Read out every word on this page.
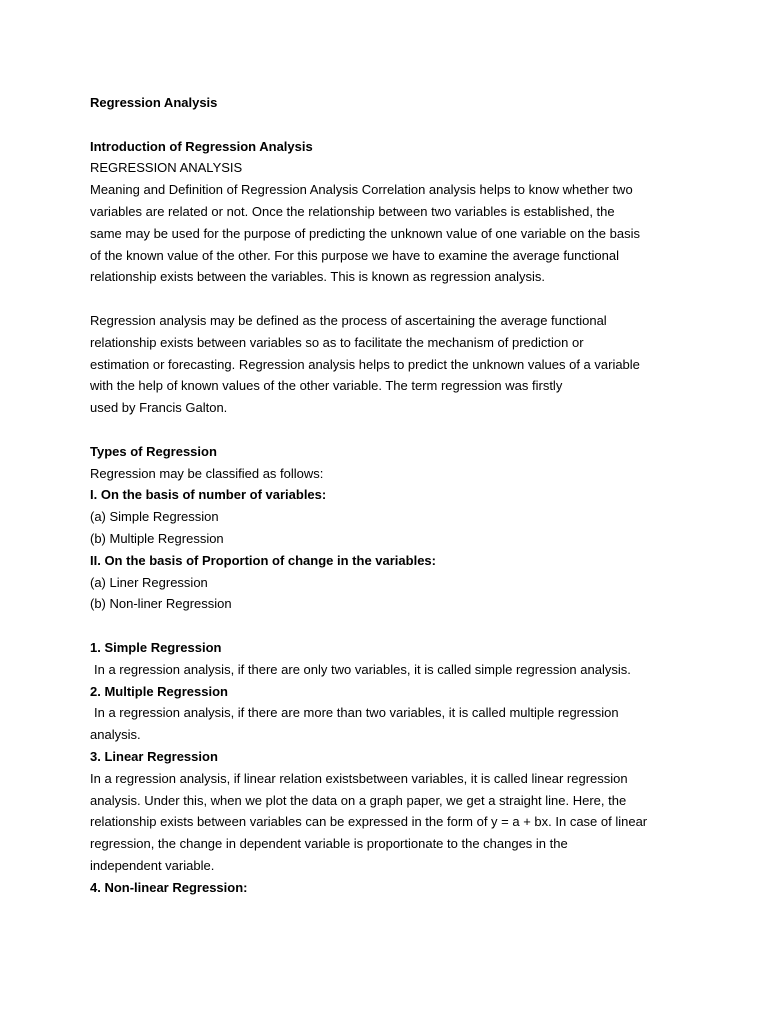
Regression Analysis
Introduction of Regression Analysis
REGRESSION ANALYSIS
Meaning and Definition of Regression Analysis Correlation analysis helps to know whether two
variables are related or not. Once the relationship between two variables is established, the
same may be used for the purpose of predicting the unknown value of one variable on the basis
of the known value of the other. For this purpose we have to examine the average functional
relationship exists between the variables. This is known as regression analysis.
Regression analysis may be defined as the process of ascertaining the average functional
relationship exists between variables so as to facilitate the mechanism of prediction or
estimation or forecasting. Regression analysis helps to predict the unknown values of a variable
with the help of known values of the other variable. The term regression was firstly
used by Francis Galton.
Types of Regression
Regression may be classified as follows:
I. On the basis of number of variables:
(a) Simple Regression
(b) Multiple Regression
II. On the basis of Proportion of change in the variables:
(a) Liner Regression
(b) Non-liner Regression
1. Simple Regression
In a regression analysis, if there are only two variables, it is called simple regression analysis.
2. Multiple Regression
In a regression analysis, if there are more than two variables, it is called multiple regression
analysis.
3. Linear Regression
In a regression analysis, if linear relation existsbetween variables, it is called linear regression
analysis. Under this, when we plot the data on a graph paper, we get a straight line. Here, the
relationship exists between variables can be expressed in the form of y = a + bx. In case of linear
regression, the change in dependent variable is proportionate to the changes in the
independent variable.
4. Non-linear Regression:
